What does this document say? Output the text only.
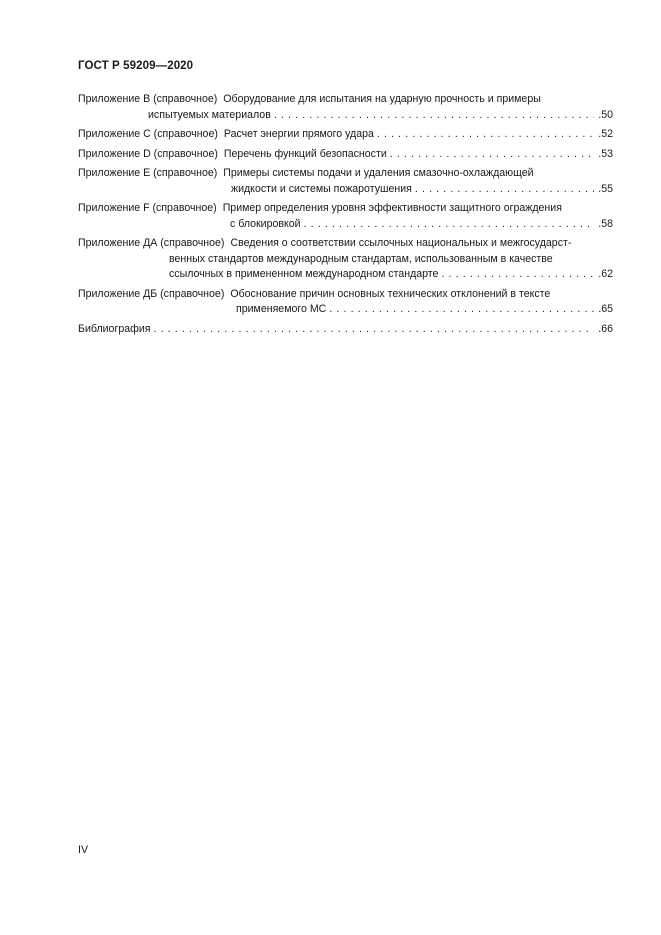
ГОСТ Р 59209—2020
Приложение В (справочное) Оборудование для испытания на ударную прочность и примеры
испытуемых материалов . . .	.50
Приложение С (справочное) Расчет энергии прямого удара . . .	.52
Приложение D (справочное) Перечень функций безопасности . . .	.53
Приложение Е (справочное) Примеры системы подачи и удаления смазочно-охлаждающей
жидкости и системы пожаротушения . . .	.55
Приложение F (справочное) Пример определения уровня эффективности защитного ограждения
с блокировкой . . .	.58
Приложение ДА (справочное) Сведения о соответствии ссылочных национальных и межгосударст-
венных стандартов международным стандартам, использованным в качестве
ссылочных в примененном международном стандарте . . .	.62
Приложение ДБ (справочное) Обоснование причин основных технических отклонений в тексте
применяемого МС . . .	.65
Библиография . . .	.66
IV
